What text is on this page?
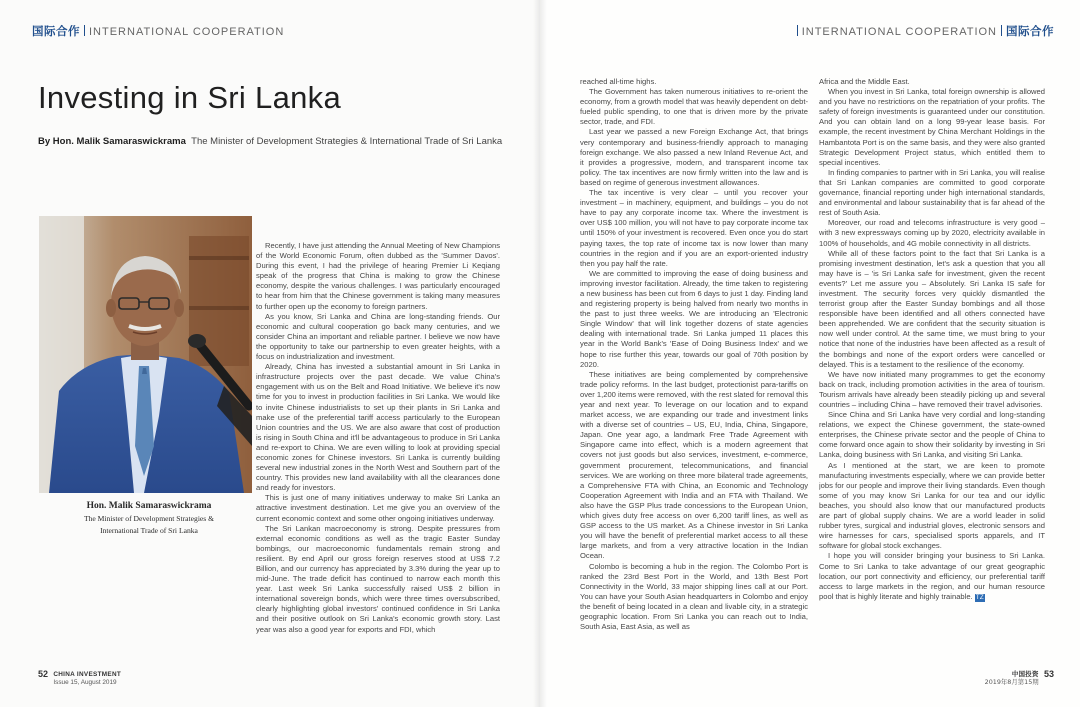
国际合作 INTERNATIONAL COOPERATION
Investing in Sri Lanka
By Hon. Malik Samaraswickrama The Minister of Development Strategies & International Trade of Sri Lanka
Hon. Malik Samaraswickrama
The Minister of Development Strategies &
International Trade of Sri Lanka

Recently, I have just attending the Annual Meeting of New Champions of the World Economic Forum, often dubbed as the 'Summer Davos'. During this event, I had the privilege of hearing Premier Li Keqiang speak of the progress that China is making to grow the Chinese economy, despite the various challenges. I was particularly encouraged to hear from him that the Chinese government is taking many measures to further open up the economy to foreign partners.

As you know, Sri Lanka and China are long-standing friends. Our economic and cultural cooperation go back many centuries, and we consider China an important and reliable partner. I believe we now have the opportunity to take our partnership to even greater heights, with a focus on industrialization and investment.

Already, China has invested a substantial amount in Sri Lanka in infrastructure projects over the past decade. We value China's engagement with us on the Belt and Road Initiative. We believe it's now time for you to invest in production facilities in Sri Lanka. We would like to invite Chinese industrialists to set up their plants in Sri Lanka and make use of the preferential tariff access particularly to the European Union countries and the US. We are also aware that cost of production is rising in South China and it'll be advantageous to produce in Sri Lanka and re-export to China. We are even willing to look at providing special economic zones for Chinese investors. Sri Lanka is currently building several new industrial zones in the North West and Southern part of the country. This provides new land availability with all the clearances done and ready for investors.

This is just one of many initiatives underway to make Sri Lanka an attractive investment destination. Let me give you an overview of the current economic context and some other ongoing initiatives underway.

The Sri Lankan macroeconomy is strong. Despite pressures from external economic conditions as well as the tragic Easter Sunday bombings, our macroeconomic fundamentals remain strong and resilient. By end April our gross foreign reserves stood at US$ 7.2 Billion, and our currency has appreciated by 3.3% during the year up to mid-June. The trade deficit has continued to narrow each month this year. Last week Sri Lanka successfully raised US$ 2 billion in international sovereign bonds, which were three times oversubscribed, clearly highlighting global investors' continued confidence in Sri Lanka and their positive outlook on Sri Lanka's economic growth story. Last year was also a good year for exports and FDI, which

52 CHINA INVESTMENT
Issue 15, August 2019
INTERNATIONAL COOPERATION 国际合作
中国投资
2019年8月第15期
53

reached all-time highs.

The Government has taken numerous initiatives to re-orient the economy, from a growth model that was heavily dependent on debt-fueled public spending, to one that is driven more by the private sector, trade, and FDI.

Last year we passed a new Foreign Exchange Act, that brings very contemporary and business-friendly approach to managing foreign exchange. We also passed a new Inland Revenue Act, and it provides a progressive, modern, and transparent income tax policy. The tax incentives are now firmly written into the law and is based on regime of generous investment allowances.

The tax incentive is very clear – until you recover your investment – in machinery, equipment, and buildings – you do not have to pay any corporate income tax. Where the investment is over US$ 100 million, you will not have to pay corporate income tax until 150% of your investment is recovered. Even once you do start paying taxes, the top rate of income tax is now lower than many countries in the region and if you are an export-oriented industry then you pay half the rate.

We are committed to improving the ease of doing business and improving investor facilitation. Already, the time taken to registering a new business has been cut from 6 days to just 1 day. Finding land and registering property is being halved from nearly two months in the past to just three weeks. We are introducing an 'Electronic Single Window' that will link together dozens of state agencies dealing with international trade. Sri Lanka jumped 11 places this year in the World Bank's 'Ease of Doing Business Index' and we hope to rise further this year, towards our goal of 70th position by 2020.

These initiatives are being complemented by comprehensive trade policy reforms. In the last budget, protectionist para-tariffs on over 1,200 items were removed, with the rest slated for removal this year and next year. To leverage on our location and to expand market access, we are expanding our trade and investment links with a diverse set of countries – US, EU, India, China, Singapore, Japan. One year ago, a landmark Free Trade Agreement with Singapore came into effect, which is a modern agreement that covers not just goods but also services, investment, e-commerce, government procurement, telecommunications, and financial services. We are working on three more bilateral trade agreements, a Comprehensive FTA with China, an Economic and Technology Cooperation Agreement with India and an FTA with Thailand. We also have the GSP Plus trade concessions to the European Union, which gives duty free access on over 6,200 tariff lines, as well as GSP access to the US market. As a Chinese investor in Sri Lanka you will have the benefit of preferential market access to all these large markets, and from a very attractive location in the Indian Ocean.

Colombo is becoming a hub in the region. The Colombo Port is ranked the 23rd Best Port in the World, and 13th Best Port Connectivity in the World, 33 major shipping lines call at our Port. You can have your South Asian headquarters in Colombo and enjoy the benefit of being located in a clean and livable city, in a strategic geographic location. From Sri Lanka you can reach out to India, South Asia, East Asia, as well as

Africa and the Middle East.

When you invest in Sri Lanka, total foreign ownership is allowed and you have no restrictions on the repatriation of your profits. The safety of foreign investments is guaranteed under our constitution. And you can obtain land on a long 99-year lease basis. For example, the recent investment by China Merchant Holdings in the Hambantota Port is on the same basis, and they were also granted Strategic Development Project status, which entitled them to special incentives.

In finding companies to partner with in Sri Lanka, you will realise that Sri Lankan companies are committed to good corporate governance, financial reporting under high international standards, and environmental and labour sustainability that is far ahead of the rest of South Asia.

Moreover, our road and telecoms infrastructure is very good – with 3 new expressways coming up by 2020, electricity available in 100% of households, and 4G mobile connectivity in all districts.

While all of these factors point to the fact that Sri Lanka is a promising investment destination, let's ask a question that you all may have is – 'is Sri Lanka safe for investment, given the recent events?' Let me assure you – Absolutely. Sri Lanka IS safe for investment. The security forces very quickly dismantled the terrorist group after the Easter Sunday bombings and all those responsible have been identified and all others connected have been apprehended. We are confident that the security situation is now well under control. At the same time, we must bring to your notice that none of the industries have been affected as a result of the bombings and none of the export orders were cancelled or delayed. This is a testament to the resilience of the economy.

We have now initiated many programmes to get the economy back on track, including promotion activities in the area of tourism. Tourism arrivals have already been steadily picking up and several countries – including China – have removed their travel advisories.

Since China and Sri Lanka have very cordial and long-standing relations, we expect the Chinese government, the state-owned enterprises, the Chinese private sector and the people of China to come forward once again to show their solidarity by investing in Sri Lanka, doing business with Sri Lanka, and visiting Sri Lanka.

As I mentioned at the start, we are keen to promote manufacturing investments especially, where we can provide better jobs for our people and improve their living standards. Even though some of you may know Sri Lanka for our tea and our idyllic beaches, you should also know that our manufactured products are part of global supply chains. We are a world leader in solid rubber tyres, surgical and industrial gloves, electronic sensors and wire harnesses for cars, specialised sports apparels, and IT software for global stock exchanges.

I hope you will consider bringing your business to Sri Lanka. Come to Sri Lanka to take advantage of our great geographic location, our port connectivity and efficiency, our preferential tariff access to large markets in the region, and our human resource pool that is highly literate and highly trainable. TZ
